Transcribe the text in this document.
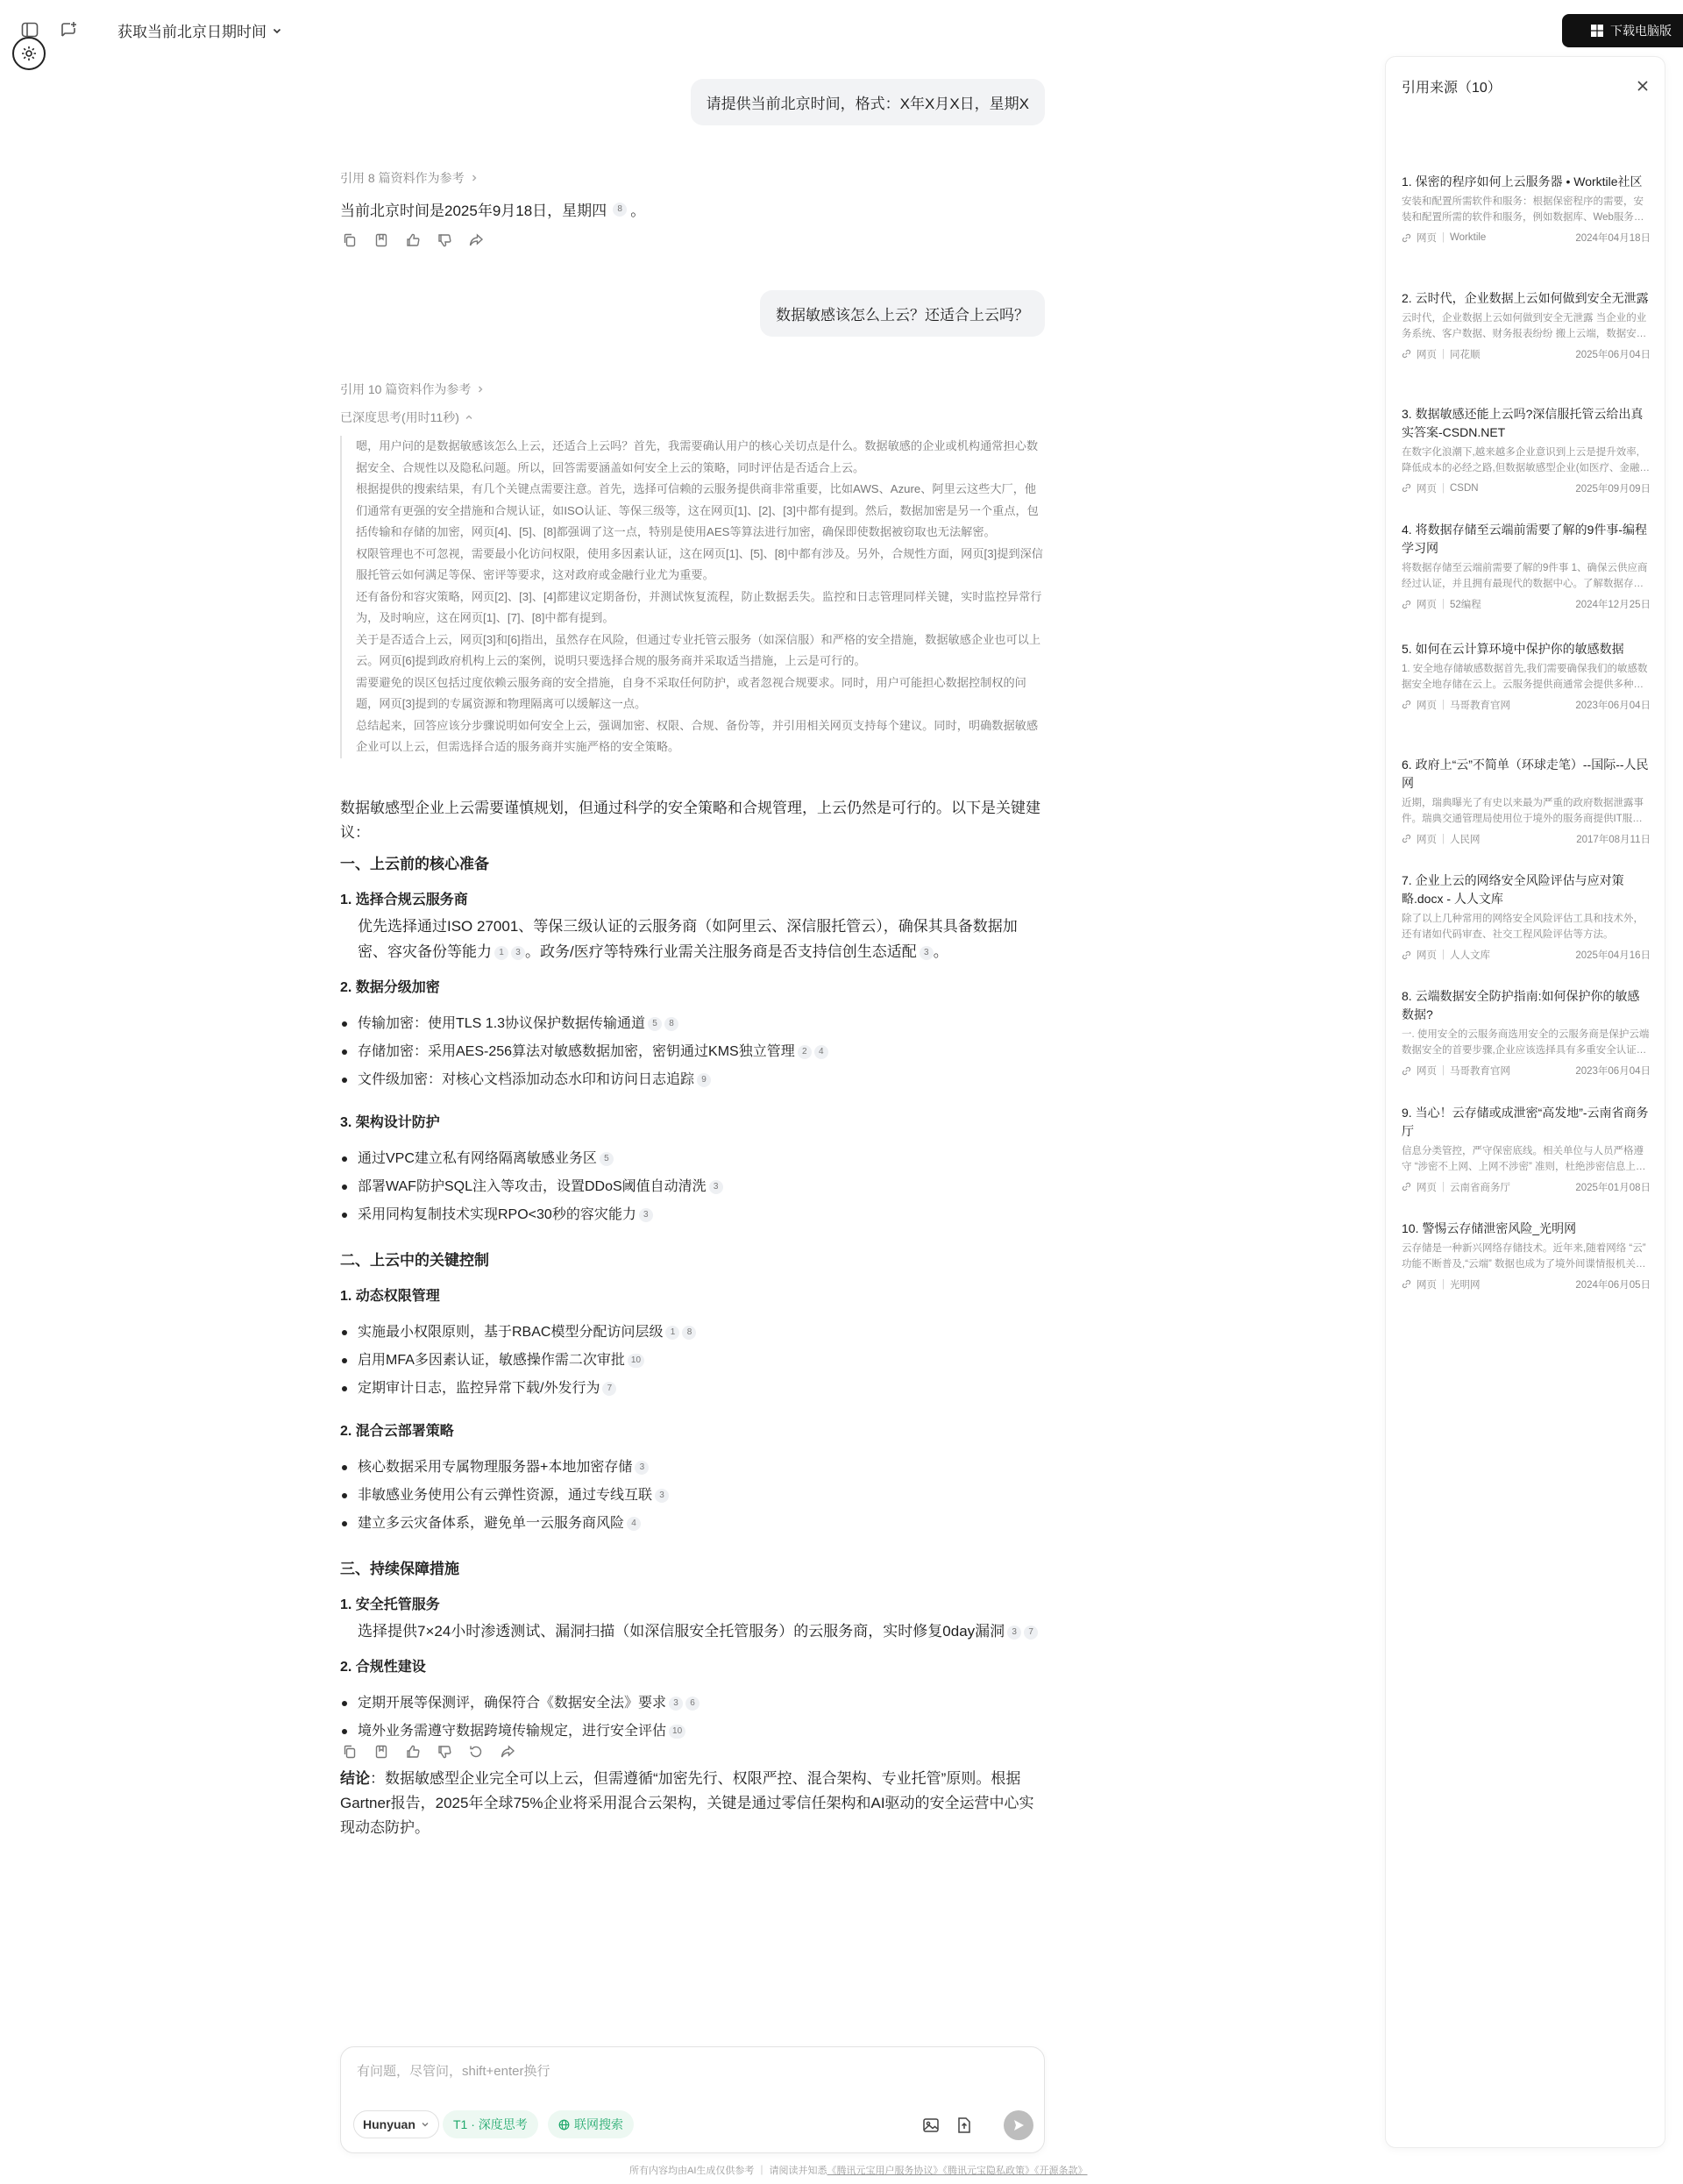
获取当前北京日期时间	下载电脑版
请提供当前北京时间，格式：X年X月X日，星期X
引用 8 篇资料作为参考
当前北京时间是2025年9月18日，星期四	8 。
数据敏感该怎么上云？还适合上云吗？
引用 10 篇资料作为参考
已深度思考(用时11秒)

嗯，用户问的是数据敏感该怎么上云，还适合上云吗？首先，我需要确认用户的核心关切点是什么。数据敏感的企业或机构通常担心数据安全、合规性以及隐私问题。所以，回答需要涵盖如何安全上云的策略，同时评估是否适合上云。

根据提供的搜索结果，有几个关键点需要注意。首先，选择可信赖的云服务提供商非常重要，比如AWS、Azure、阿里云这些大厂，他们通常有更强的安全措施和合规认证，如ISO认证、等保三级等，这在网页[1]、[2]、[3]中都有提到。然后，数据加密是另一个重点，包括传输和存储的加密，网页[4]、[5]、[8]都强调了这一点，特别是使用AES等算法进行加密，确保即使数据被窃取也无法解密。

权限管理也不可忽视，需要最小化访问权限，使用多因素认证，这在网页[1]、[5]、[8]中都有涉及。另外，合规性方面，网页[3]提到深信服托管云如何满足等保、密评等要求，这对政府或金融行业尤为重要。

还有备份和容灾策略，网页[2]、[3]、[4]都建议定期备份，并测试恢复流程，防止数据丢失。监控和日志管理同样关键，实时监控异常行为，及时响应，这在网页[1]、[7]、[8]中都有提到。

关于是否适合上云，网页[3]和[6]指出，虽然存在风险，但通过专业托管云服务（如深信服）和严格的安全措施，数据敏感企业也可以上云。网页[6]提到政府机构上云的案例，说明只要选择合规的服务商并采取适当措施，上云是可行的。

需要避免的误区包括过度依赖云服务商的安全措施，自身不采取任何防护，或者忽视合规要求。同时，用户可能担心数据控制权的问题，网页[3]提到的专属资源和物理隔离可以缓解这一点。

总结起来，回答应该分步骤说明如何安全上云，强调加密、权限、合规、备份等，并引用相关网页支持每个建议。同时，明确数据敏感企业可以上云，但需选择合适的服务商并实施严格的安全策略。

数据敏感型企业上云需要谨慎规划，但通过科学的安全策略和合规管理，上云仍然是可行的。以下是关键建议：
一、上云前的核心准备
1. 选择合规云服务商
优先选择通过ISO 27001、等保三级认证的云服务商（如阿里云、深信服托管云），确保其具备数据加密、容灾备份等能力 1 3 。政务/医疗等特殊行业需关注服务商是否支持信创生态适配 3 。
2. 数据分级加密
传输加密：使用TLS 1.3协议保护数据传输通道 5 8
存储加密：采用AES-256算法对敏感数据加密，密钥通过KMS独立管理 2 4
文件级加密：对核心文档添加动态水印和访问日志追踪 9
3. 架构设计防护
通过VPC建立私有网络隔离敏感业务区 5
部署WAF防护SQL注入等攻击，设置DDoS阈值自动清洗 3
采用同构复制技术实现RPO<30秒的容灾能力 3
二、上云中的关键控制
1. 动态权限管理
实施最小权限原则，基于RBAC模型分配访问层级 1 8
启用MFA多因素认证，敏感操作需二次审批 10
定期审计日志，监控异常下载/外发行为 7
2. 混合云部署策略
核心数据采用专属物理服务器+本地加密存储 3
非敏感业务使用公有云弹性资源，通过专线互联 3
建立多云灾备体系，避免单一云服务商风险 4
三、持续保障措施
1. 安全托管服务
选择提供7×24小时渗透测试、漏洞扫描（如深信服安全托管服务）的云服务商，实时修复0day漏洞 3 7
2. 合规性建设
定期开展等保测评，确保符合《数据安全法》要求 3 6
境外业务需遵守数据跨境传输规定，进行安全评估 10
结论：数据敏感型企业完全可以上云，但需遵循“加密先行、权限严控、混合架构、专业托管”原则。根据Gartner报告，2025年全球75%企业将采用混合云架构，关键是通过零信任架构和AI驱动的安全运营中心实现动态防护。
有问题，尽管问，shift+enter换行
Hunyuan	T1 · 深度思考	联网搜索
所有内容均由AI生成仅供参考 ｜ 请阅读并知悉《腾讯元宝用户服务协议》《腾讯元宝隐私政策》《开源条款》
引用来源（10）
1. 保密的程序如何上云服务器 • Worktile社区
安装和配置所需软件和服务：根据保密程序的需要，安装和配置所需的软件和服务，例如数据库、Web服务
网页 | Worktile	2024年04月18日
2. 云时代，企业数据上云如何做到安全无泄露
云时代，企业数据上云如何做到安全无泄露 当企业的业务系统、客户数据、财务报表纷纷 搬上云端，数据安全
网页 | 同花顺	2025年06月04日
3. 数据敏感还能上云吗?深信服托管云给出真实答案-CSDN.NET
在数字化浪潮下,越来越多企业意识到上云是提升效率, 降低成本的必经之路,但数据敏感型企业(如医疗、金融)
网页 | CSDN	2025年09月09日
4. 将数据存储至云端前需要了解的9件事-编程学习网
将数据存储至云端前需要了解的9件事 1、确保云供应商经过认证，并且拥有最现代的数据中心。了解数据存储
网页 | 52编程	2024年12月25日
5. 如何在云计算环境中保护你的敏感数据
1. 安全地存储敏感数据首先,我们需要确保我们的敏感数据安全地存储在云上。云服务提供商通常会提供多种存
网页 | 马哥教育官网	2023年06月04日
6. 政府上“云”不简单（环球走笔）--国际--人民网
近期，瑞典曝光了有史以来最为严重的政府数据泄露事件。瑞典交通管理局使用位于境外的服务商提供IT服
网页 | 人民网	2017年08月11日
7. 企业上云的网络安全风险评估与应对策略.docx - 人人文库
除了以上几种常用的网络安全风险评估工具和技术外，还有诸如代码审查、社交工程风险评估等方法。
网页 | 人人文库	2025年04月16日
8. 云端数据安全防护指南:如何保护你的敏感数据?
一. 使用安全的云服务商选用安全的云服务商是保护云端数据安全的首要步骤,企业应该选择具有多重安全认证的
网页 | 马哥教育官网	2023年06月04日
9. 当心！云存储或成泄密“高发地”-云南省商务厅
信息分类管控，严守保密底线。相关单位与人员严格遵守 “涉密不上网、上网不涉密” 准则，杜绝涉密信息上传
网页 | 云南省商务厅	2025年01月08日
10. 警惕云存储泄密风险_光明网
云存储是一种新兴网络存储技术。近年来,随着网络 “云” 功能不断普及,“云端” 数据也成为了境外间谍情报机关窃
网页 | 光明网	2024年06月05日
